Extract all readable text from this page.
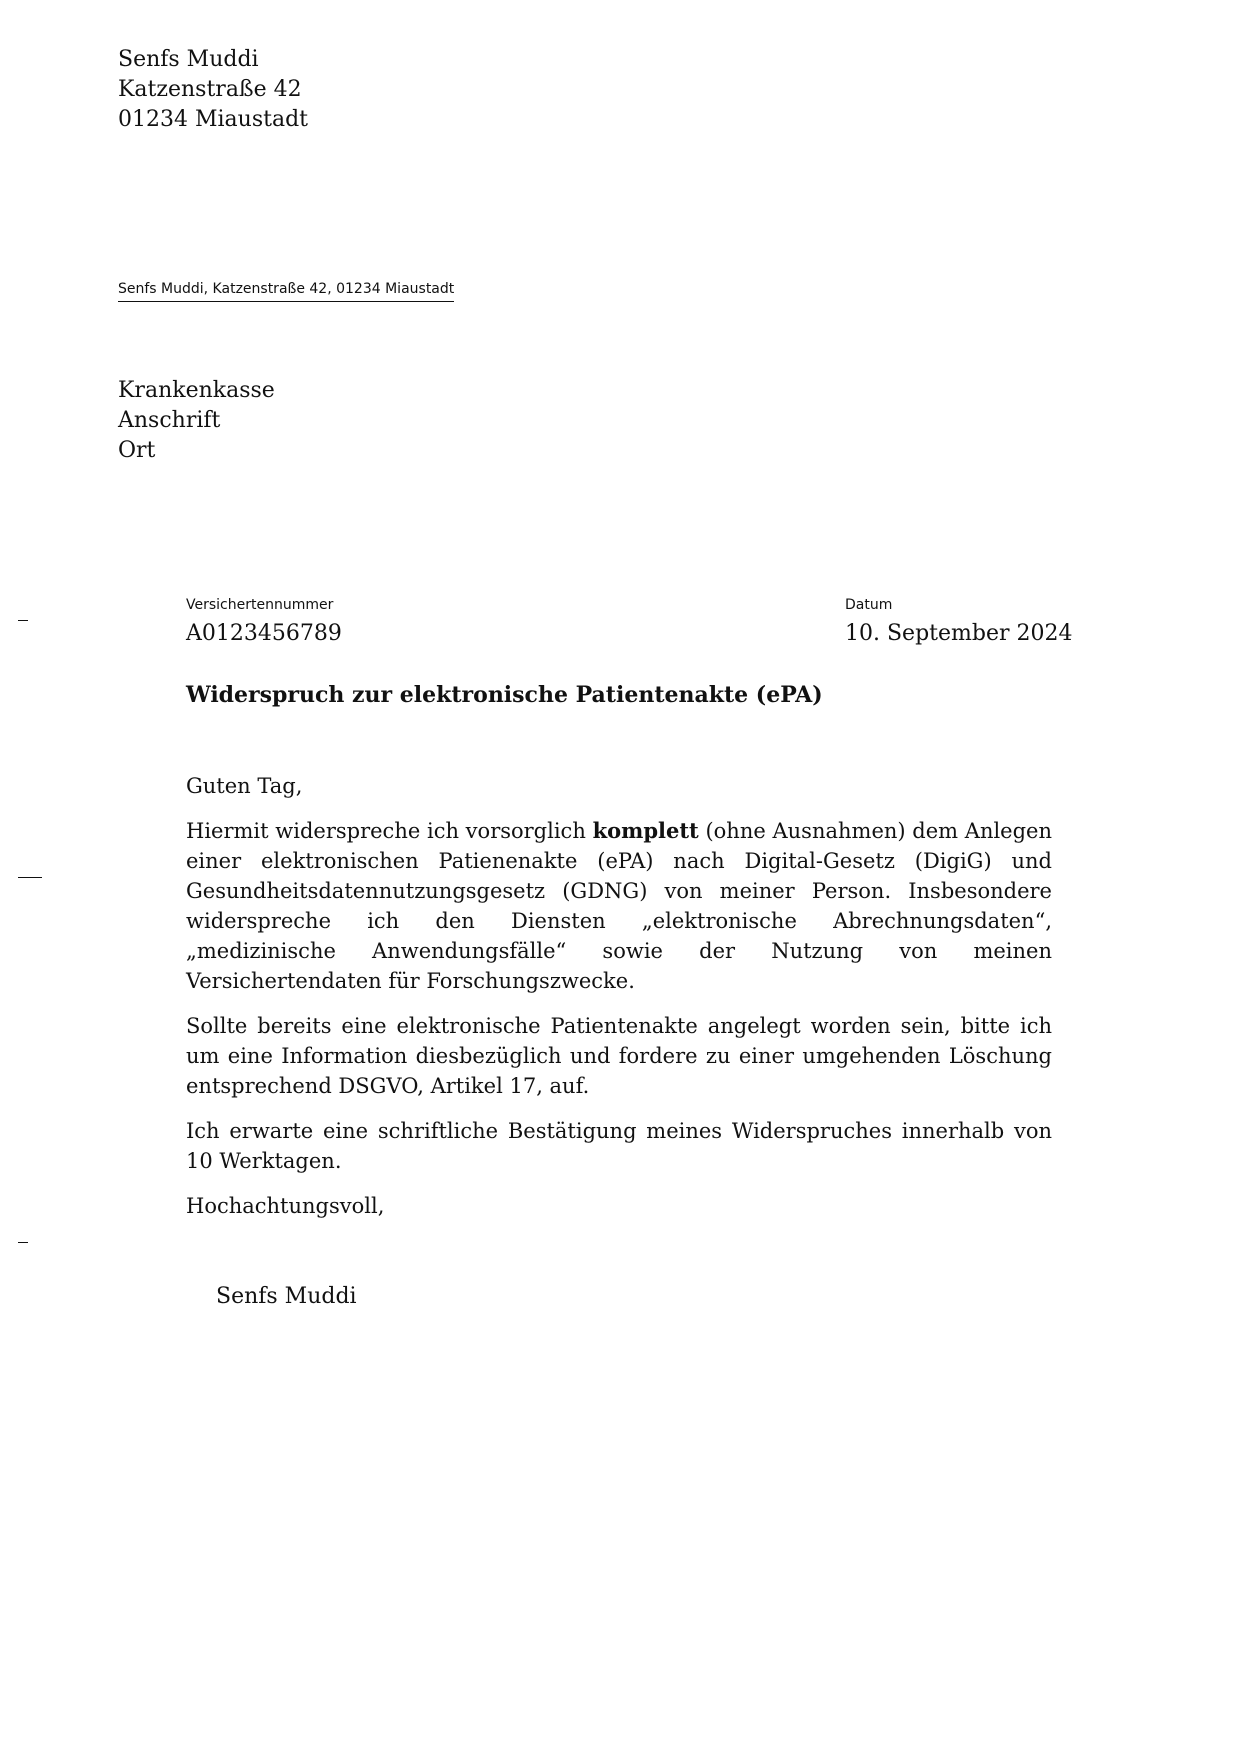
Senfs Muddi
Katzenstraße 42
01234 Miaustadt
Senfs Muddi, Katzenstraße 42, 01234 Miaustadt
Krankenkasse
Anschrift
Ort
Versichertennummer
A0123456789
Datum
10. September 2024
Widerspruch zur elektronische Patientenakte (ePA)

Guten Tag,

Hiermit widerspreche ich vorsorglich komplett (ohne Ausnahmen) dem Anlegen einer elektronischen Patienenakte (ePA) nach Digital-Gesetz (DigiG) und Gesundheitsdatennutzungsgesetz (GDNG) von meiner Person. Insbesondere widerspreche ich den Diensten „elektronische Abrechnungsdaten“, „medizinische Anwendungsfälle“ sowie der Nutzung von meinen Versichertendaten für Forschungszwecke.

Sollte bereits eine elektronische Patientenakte angelegt worden sein, bitte ich um eine Information diesbezüglich und fordere zu einer umgehenden Löschung entsprechend DSGVO, Artikel 17, auf.

Ich erwarte eine schriftliche Bestätigung meines Widerspruches innerhalb von 10 Werktagen.

Hochachtungsvoll,

Senfs Muddi
